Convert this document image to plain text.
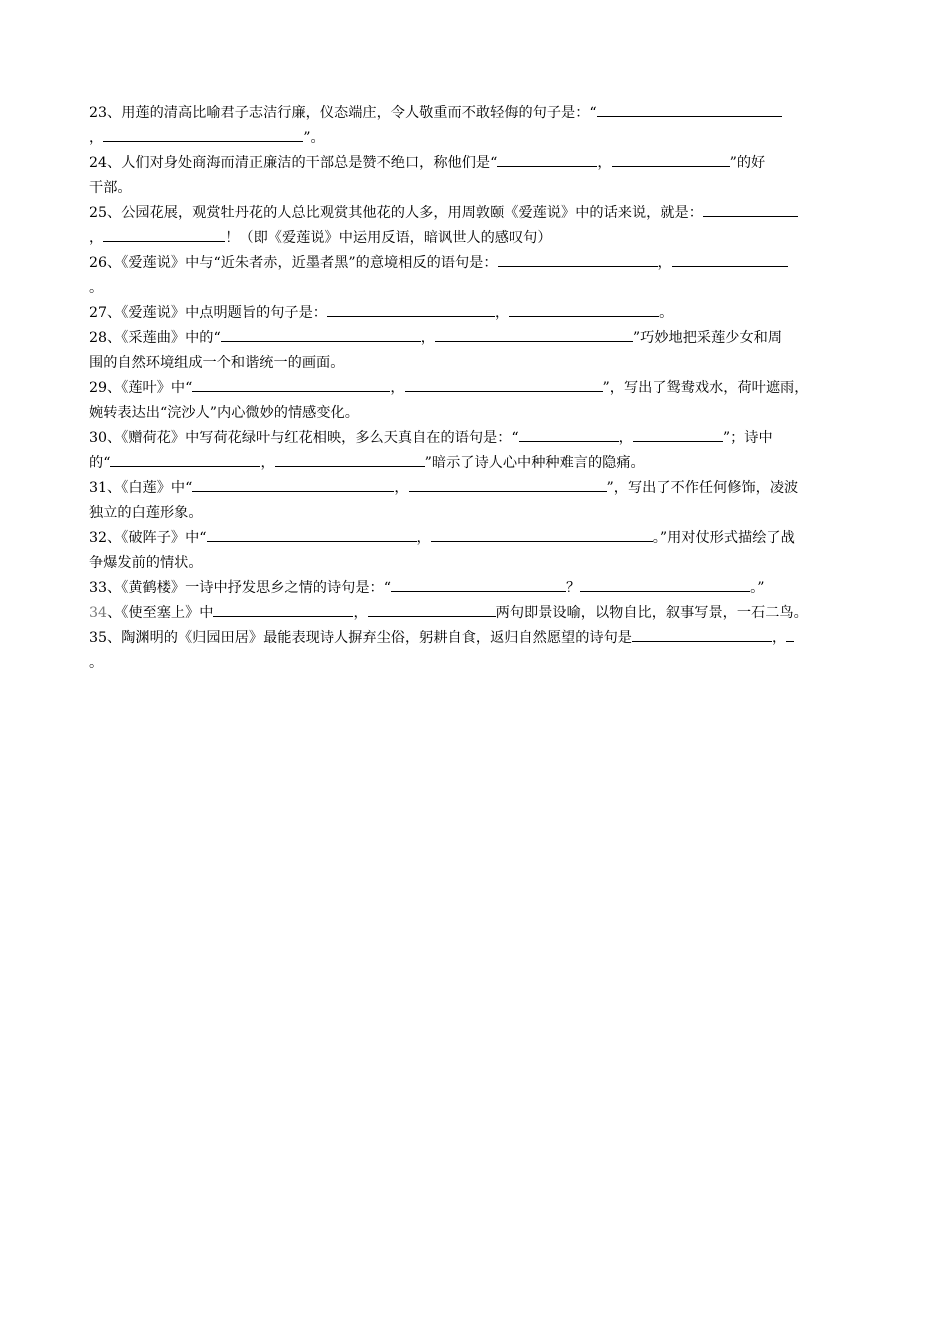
23、用莲的清高比喻君子志洁行廉，仪态端庄，令人敬重而不敢轻侮的句子是：“

，	”。

24、人们对身处商海而清正廉洁的干部总是赞不绝口，称他们是“	，	”的好

干部。

25、公园花展，观赏牡丹花的人总比观赏其他花的人多，用周敦颐《爱莲说》中的话来说，就是：

，	！（即《爱莲说》中运用反语，暗讽世人的感叹句）

26、《爱莲说》中与“近朱者赤，近墨者黑”的意境相反的语句是：	，

。

27、《爱莲说》中点明题旨的句子是：	，	。

28、《采莲曲》中的“	，	”巧妙地把采莲少女和周

围的自然环境组成一个和谐统一的画面。

29、《莲叶》中“	，	”，写出了鸳鸯戏水，荷叶遮雨，

婉转表达出“浣沙人”内心微妙的情感变化。

30、《赠荷花》中写荷花绿叶与红花相映，多么天真自在的语句是：“	，	”；诗中

的“	，	”暗示了诗人心中种种难言的隐痛。

31、《白莲》中“	，	”，写出了不作任何修饰，凌波

独立的白莲形象。

32、《破阵子》中“	，	。”用对仗形式描绘了战

争爆发前的情状。

33、《黄鹤楼》一诗中抒发思乡之情的诗句是：“	？	。”

34、《使至塞上》中	，	两句即景设喻，以物自比，叙事写景，一石二鸟。

35、陶渊明的《归园田居》最能表现诗人摒弃尘俗，躬耕自食，返归自然愿望的诗句是	，

。
